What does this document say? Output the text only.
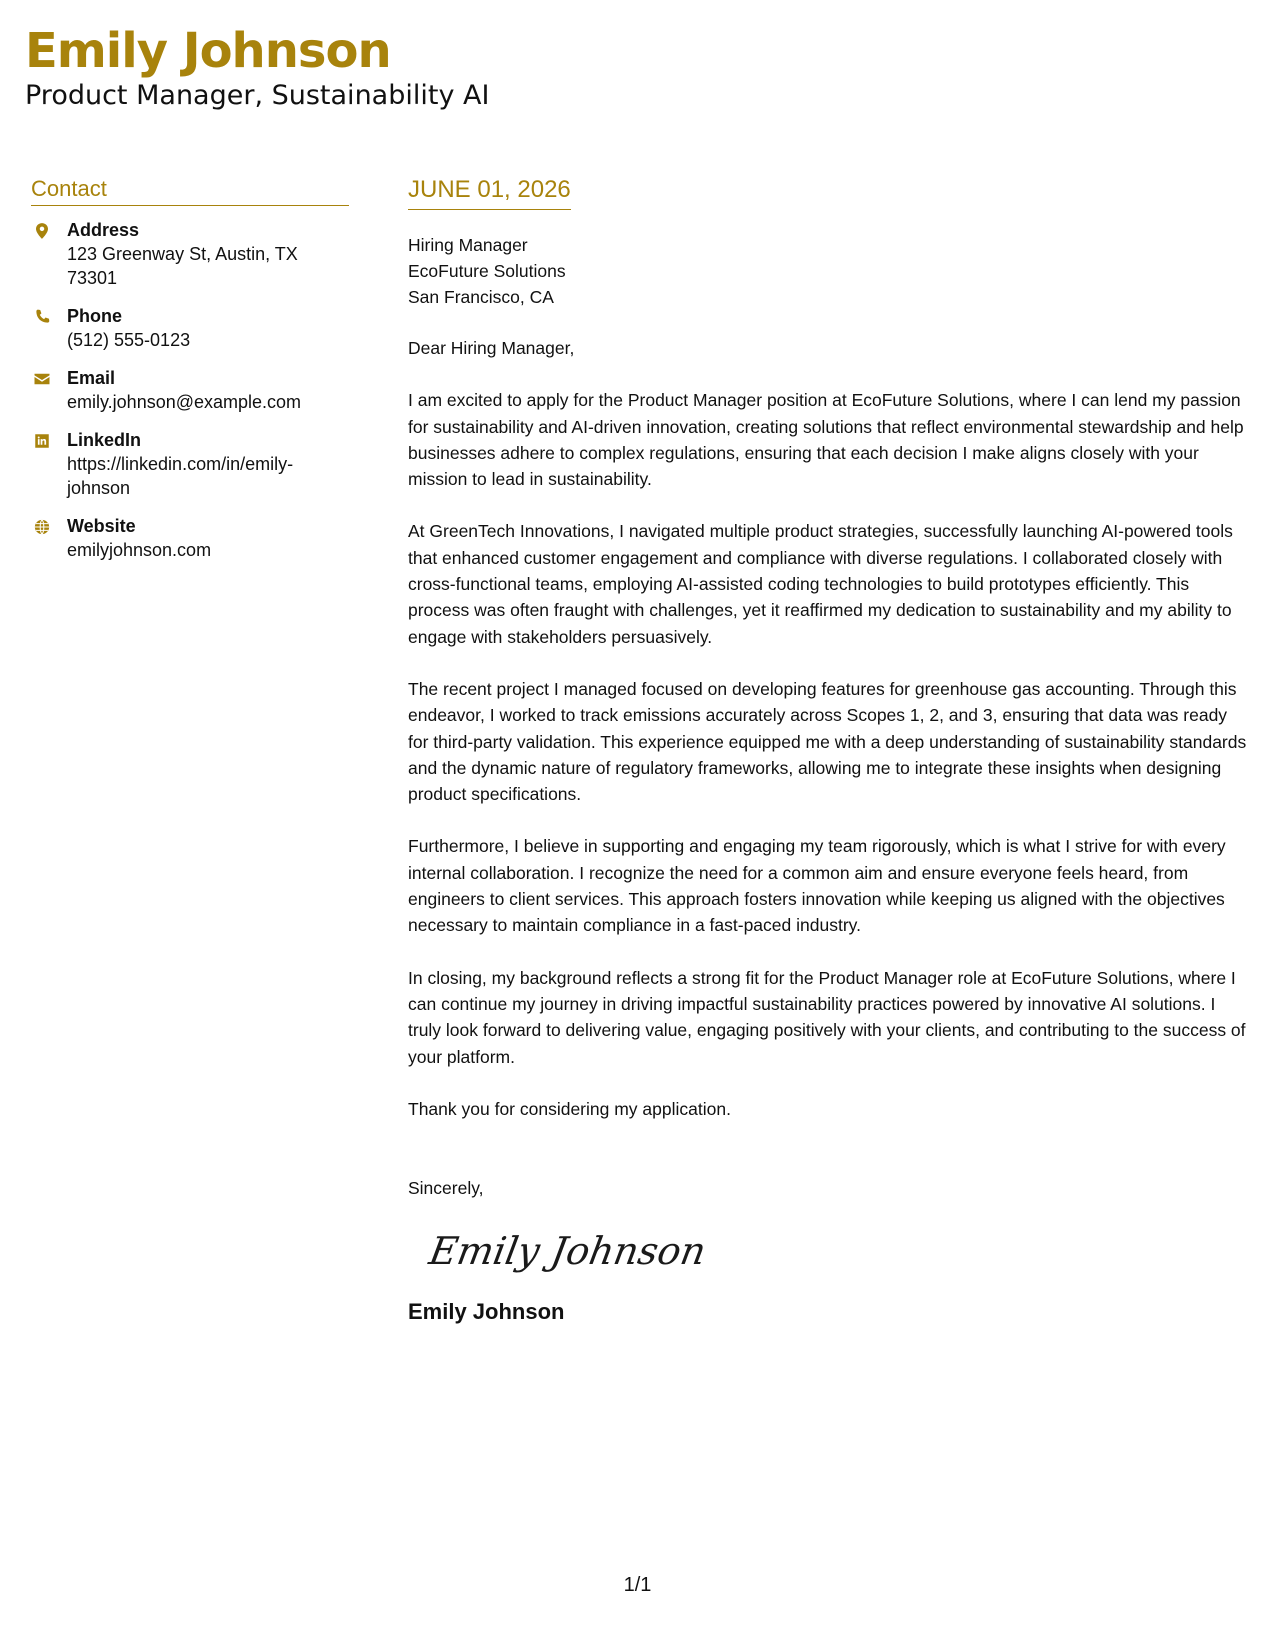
Emily Johnson
Product Manager, Sustainability AI
Contact
Address
123 Greenway St, Austin, TX 73301
Phone
(512) 555-0123
Email
emily.johnson@example.com
LinkedIn
https://linkedin.com/in/emily-johnson
Website
emilyjohnson.com
JUNE 01, 2026
Hiring Manager
EcoFuture Solutions
San Francisco, CA
Dear Hiring Manager,
I am excited to apply for the Product Manager position at EcoFuture Solutions, where I can lend my passion for sustainability and AI-driven innovation, creating solutions that reflect environmental stewardship and help businesses adhere to complex regulations, ensuring that each decision I make aligns closely with your mission to lead in sustainability.
At GreenTech Innovations, I navigated multiple product strategies, successfully launching AI-powered tools that enhanced customer engagement and compliance with diverse regulations. I collaborated closely with cross-functional teams, employing AI-assisted coding technologies to build prototypes efficiently. This process was often fraught with challenges, yet it reaffirmed my dedication to sustainability and my ability to engage with stakeholders persuasively.
The recent project I managed focused on developing features for greenhouse gas accounting. Through this endeavor, I worked to track emissions accurately across Scopes 1, 2, and 3, ensuring that data was ready for third-party validation. This experience equipped me with a deep understanding of sustainability standards and the dynamic nature of regulatory frameworks, allowing me to integrate these insights when designing product specifications.
Furthermore, I believe in supporting and engaging my team rigorously, which is what I strive for with every internal collaboration. I recognize the need for a common aim and ensure everyone feels heard, from engineers to client services. This approach fosters innovation while keeping us aligned with the objectives necessary to maintain compliance in a fast-paced industry.
In closing, my background reflects a strong fit for the Product Manager role at EcoFuture Solutions, where I can continue my journey in driving impactful sustainability practices powered by innovative AI solutions. I truly look forward to delivering value, engaging positively with your clients, and contributing to the success of your platform.
Thank you for considering my application.
Sincerely,
Emily Johnson
Emily Johnson
1/1
